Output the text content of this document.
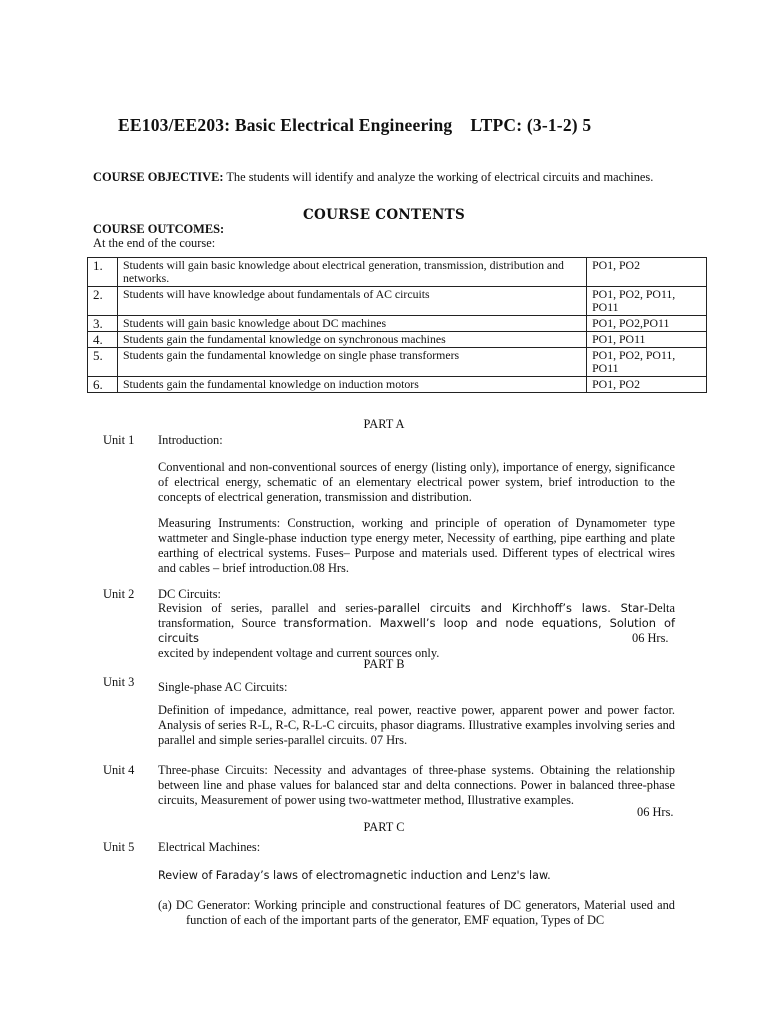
EE103/EE203: Basic Electrical Engineering LTPC: (3-1-2) 5
COURSE OBJECTIVE: The students will identify and analyze the working of electrical circuits and machines.
COURSE CONTENTS
COURSE OUTCOMES:
At the end of the course:
1.	Students will gain basic knowledge about electrical generation, transmission, distribution and networks.	PO1, PO2
2.	Students will have knowledge about fundamentals of AC circuits	PO1, PO2, PO11, PO11
3.	Students will gain basic knowledge about DC machines	PO1, PO2,PO11
4.	Students gain the fundamental knowledge on synchronous machines	PO1, PO11
5.	Students gain the fundamental knowledge on single phase transformers	PO1, PO2, PO11, PO11
6.	Students gain the fundamental knowledge on induction motors	PO1, PO2
PART A
Unit 1 Introduction:
Conventional and non-conventional sources of energy (listing only), importance of energy, significance of electrical energy, schematic of an elementary electrical power system, brief introduction to the concepts of electrical generation, transmission and distribution.
Measuring Instruments: Construction, working and principle of operation of Dynamometer type wattmeter and Single-phase induction type energy meter, Necessity of earthing, pipe earthing and plate earthing of electrical systems. Fuses– Purpose and materials used. Different types of electrical wires and cables – brief introduction.08 Hrs.
Unit 2 DC Circuits:
Revision of series, parallel and series-parallel circuits and Kirchhoff’s laws. Star-Delta
transformation, Source transformation. Maxwell’s loop and node equations, Solution of circuits
excited by independent voltage and current sources only.
06 Hrs.
PART B
Unit 3 Single-phase AC Circuits:
Definition of impedance, admittance, real power, reactive power, apparent power and power factor. Analysis of series R-L, R-C, R-L-C circuits, phasor diagrams. Illustrative examples involving series and parallel and simple series-parallel circuits. 07 Hrs.
Unit 4 Three-phase Circuits: Necessity and advantages of three-phase systems. Obtaining the relationship between line and phase values for balanced star and delta connections. Power in balanced three-phase circuits, Measurement of power using two-wattmeter method, Illustrative examples.
06 Hrs.
PART C
Unit 5 Electrical Machines:
Review of Faraday’s laws of electromagnetic induction and Lenz's law.
(a) DC Generator: Working principle and constructional features of DC generators, Material used and function of each of the important parts of the generator, EMF equation, Types of DC
